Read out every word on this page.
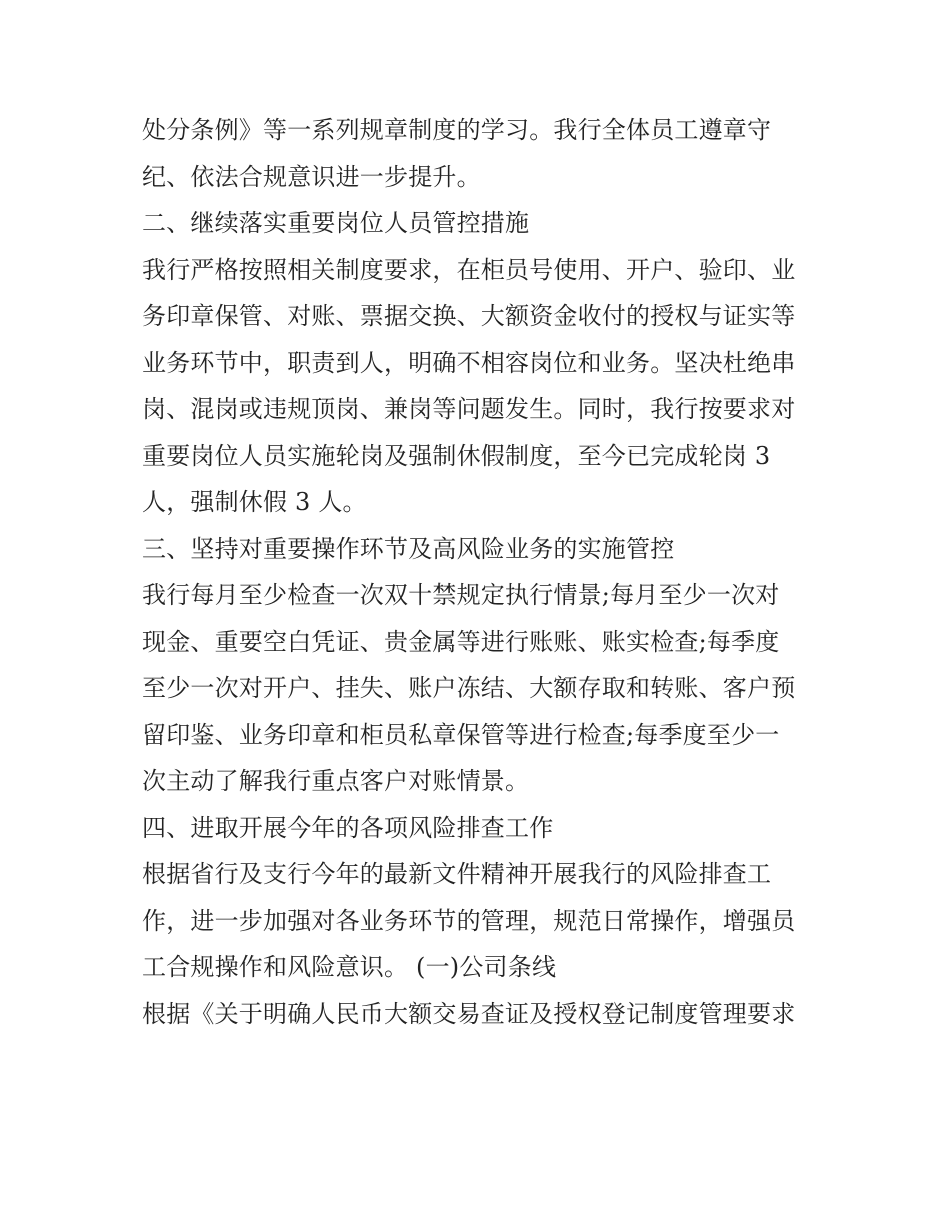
处分条例》等一系列规章制度的学习。我行全体员工遵章守
纪、依法合规意识进一步提升。
二、继续落实重要岗位人员管控措施
我行严格按照相关制度要求，在柜员号使用、开户、验印、业
务印章保管、对账、票据交换、大额资金收付的授权与证实等
业务环节中，职责到人，明确不相容岗位和业务。坚决杜绝串
岗、混岗或违规顶岗、兼岗等问题发生。同时，我行按要求对
重要岗位人员实施轮岗及强制休假制度，至今已完成轮岗 3
人，强制休假 3 人。
三、坚持对重要操作环节及高风险业务的实施管控
我行每月至少检查一次双十禁规定执行情景;每月至少一次对
现金、重要空白凭证、贵金属等进行账账、账实检查;每季度
至少一次对开户、挂失、账户冻结、大额存取和转账、客户预
留印鉴、业务印章和柜员私章保管等进行检查;每季度至少一
次主动了解我行重点客户对账情景。
四、进取开展今年的各项风险排查工作
根据省行及支行今年的最新文件精神开展我行的风险排查工
作，进一步加强对各业务环节的管理，规范日常操作，增强员
工合规操作和风险意识。 (一)公司条线
根据《关于明确人民币大额交易查证及授权登记制度管理要求
